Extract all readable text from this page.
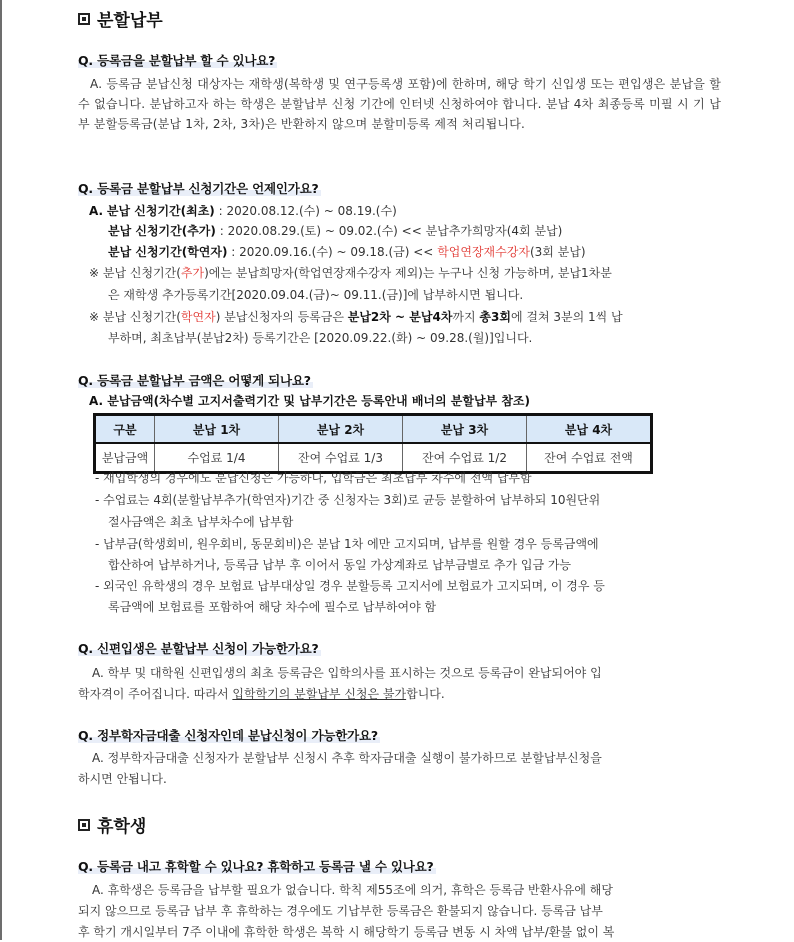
분할납부
Q. 등록금을 분할납부 할 수 있나요?
A. 등록금 분납신청 대상자는 재학생(복학생 및 연구등록생 포함)에 한하며, 해당 학기 신입생 또는 편입생은 분납을 할 수 없습니다. 분납하고자 하는 학생은 분할납부 신청 기간에 인터넷 신청하여야 합니다. 분납 4차 최종등록 미필 시 기 납부 분할등록금(분납 1차, 2차, 3차)은 반환하지 않으며 분할미등록 제적 처리됩니다.
Q. 등록금 분할납부 신청기간은 언제인가요?
A. 분납 신청기간(최초) : 2020.08.12.(수) ~ 08.19.(수)
분납 신청기간(추가) : 2020.08.29.(토) ~ 09.02.(수) << 분납추가희망자(4회 분납)
분납 신청기간(학연자) : 2020.09.16.(수) ~ 09.18.(금) << 학업연장재수강자(3회 분납)
※ 분납 신청기간(추가)에는 분납희망자(학업연장재수강자 제외)는 누구나 신청 가능하며, 분납1차분
은 재학생 추가등록기간[2020.09.04.(금)~ 09.11.(금)]에 납부하시면 됩니다.
※ 분납 신청기간(학연자) 분납신청자의 등록금은 분납2차 ~ 분납4차까지 총3회에 걸쳐 3분의 1씩 납
부하며, 최초납부(분납2차) 등록기간은 [2020.09.22.(화) ~ 09.28.(월)]입니다.
Q. 등록금 분할납부 금액은 어떻게 되나요?
A. 분납금액(차수별 고지서출력기간 및 납부기간은 등록안내 배너의 분할납부 참조)
구분	분납 1차	분납 2차	분납 3차	분납 4차
분납금액	수업료 1/4	잔여 수업료 1/3	잔여 수업료 1/2	잔여 수업료 전액
- 재입학생의 경우에도 분납신청은 가능하나, 입학금은 최초납부 차수에 전액 납부함
- 수업료는 4회(분할납부추가(학연자)기간 중 신청자는 3회)로 균등 분할하여 납부하되 10원단위
절사금액은 최초 납부차수에 납부함
- 납부금(학생회비, 원우회비, 동문회비)은 분납 1차 에만 고지되며, 납부를 원할 경우 등록금액에
합산하여 납부하거나, 등록금 납부 후 이어서 동일 가상계좌로 납부금별로 추가 입금 가능
- 외국인 유학생의 경우 보험료 납부대상일 경우 분할등록 고지서에 보험료가 고지되며, 이 경우 등
록금액에 보험료를 포함하여 해당 차수에 필수로 납부하여야 함
Q. 신편입생은 분할납부 신청이 가능한가요?
A. 학부 및 대학원 신편입생의 최초 등록금은 입학의사를 표시하는 것으로 등록금이 완납되어야 입
학자격이 주어집니다. 따라서 입학학기의 분할납부 신청은 불가합니다.
Q. 정부학자금대출 신청자인데 분납신청이 가능한가요?
A. 정부학자금대출 신청자가 분할납부 신청시 추후 학자금대출 실행이 불가하므로 분할납부신청을
하시면 안됩니다.
휴학생
Q. 등록금 내고 휴학할 수 있나요? 휴학하고 등록금 낼 수 있나요?
A. 휴학생은 등록금을 납부할 필요가 없습니다. 학칙 제55조에 의거, 휴학은 등록금 반환사유에 해당
되지 않으므로 등록금 납부 후 휴학하는 경우에도 기납부한 등록금은 환불되지 않습니다. 등록금 납부
후 학기 개시일부터 7주 이내에 휴학한 학생은 복학 시 해당학기 등록금 변동 시 차액 납부/환불 없이 복
